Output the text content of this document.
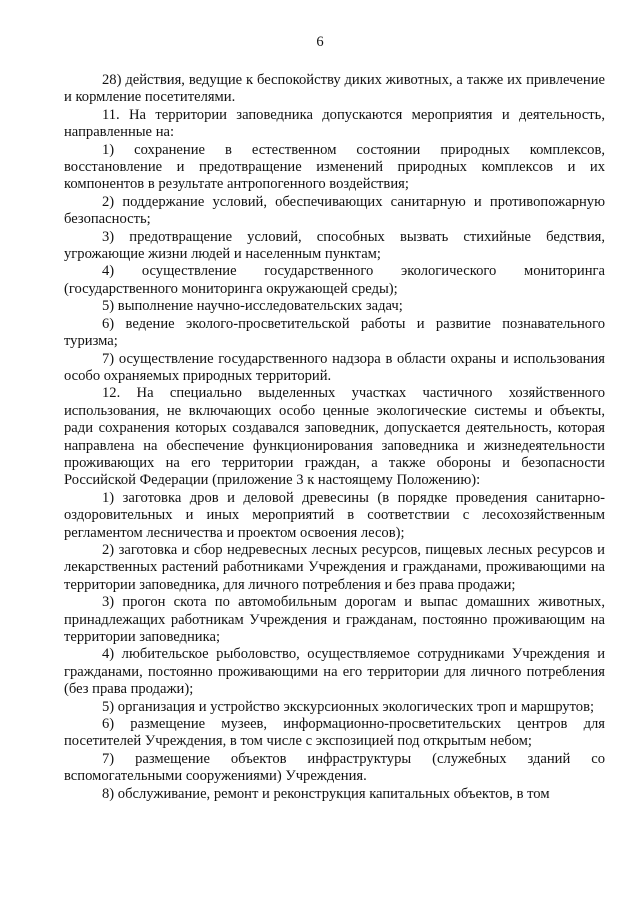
6

28) действия, ведущие к беспокойству диких животных, а также их привлечение и кормление посетителями.

11. На территории заповедника допускаются мероприятия и деятельность, направленные на:

1) сохранение в естественном состоянии природных комплексов, восстановление и предотвращение изменений природных комплексов и их компонентов в результате антропогенного воздействия;

2) поддержание условий, обеспечивающих санитарную и противопожарную безопасность;

3) предотвращение условий, способных вызвать стихийные бедствия, угрожающие жизни людей и населенным пунктам;

4) осуществление государственного экологического мониторинга (государственного мониторинга окружающей среды);

5) выполнение научно-исследовательских задач;

6) ведение эколого-просветительской работы и развитие познавательного туризма;

7) осуществление государственного надзора в области охраны и использования особо охраняемых природных территорий.

12. На специально выделенных участках частичного хозяйственного использования, не включающих особо ценные экологические системы и объекты, ради сохранения которых создавался заповедник, допускается деятельность, которая направлена на обеспечение функционирования заповедника и жизнедеятельности проживающих на его территории граждан, а также обороны и безопасности Российской Федерации (приложение 3 к настоящему Положению):

1) заготовка дров и деловой древесины (в порядке проведения санитарно-оздоровительных и иных мероприятий в соответствии с лесохозяйственным регламентом лесничества и проектом освоения лесов);

2) заготовка и сбор недревесных лесных ресурсов, пищевых лесных ресурсов и лекарственных растений работниками Учреждения и гражданами, проживающими на территории заповедника, для личного потребления и без права продажи;

3) прогон скота по автомобильным дорогам и выпас домашних животных, принадлежащих работникам Учреждения и гражданам, постоянно проживающим на территории заповедника;

4) любительское рыболовство, осуществляемое сотрудниками Учреждения и гражданами, постоянно проживающими на его территории для личного потребления (без права продажи);

5) организация и устройство экскурсионных экологических троп и маршрутов;

6) размещение музеев, информационно-просветительских центров для посетителей Учреждения, в том числе с экспозицией под открытым небом;

7) размещение объектов инфраструктуры (служебных зданий со вспомогательными сооружениями) Учреждения.

8) обслуживание, ремонт и реконструкция капитальных объектов, в том
